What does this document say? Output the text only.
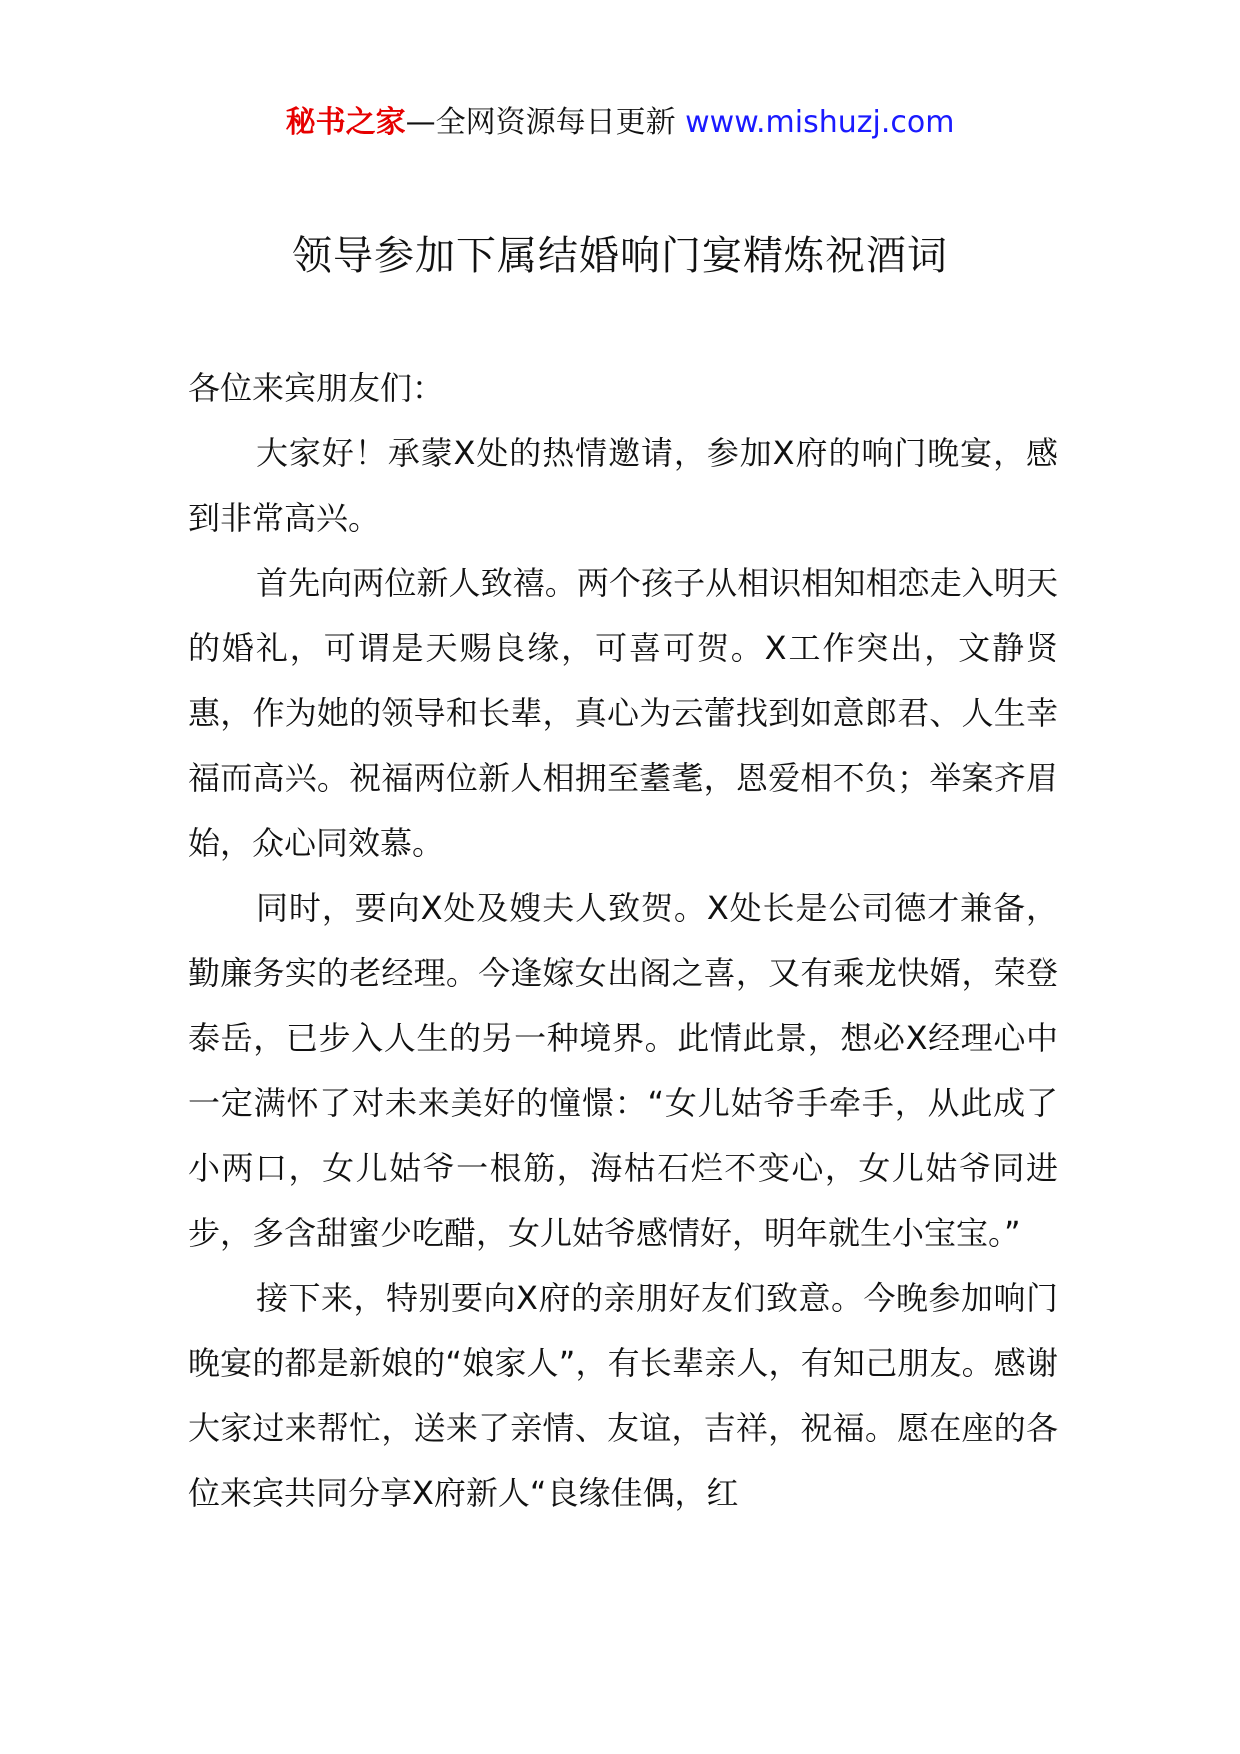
秘书之家—全网资源每日更新 www.mishuzj.com
领导参加下属结婚响门宴精炼祝酒词

各位来宾朋友们：

大家好！承蒙X处的热情邀请，参加X府的响门晚宴，感到非常高兴。

首先向两位新人致禧。两个孩子从相识相知相恋走入明天的婚礼，可谓是天赐良缘，可喜可贺。X工作突出，文静贤惠，作为她的领导和长辈，真心为云蕾找到如意郎君、人生幸福而高兴。祝福两位新人相拥至耋耄，恩爱相不负；举案齐眉始，众心同效慕。

同时，要向X处及嫂夫人致贺。X处长是公司德才兼备，勤廉务实的老经理。今逢嫁女出阁之喜，又有乘龙快婿，荣登泰岳，已步入人生的另一种境界。此情此景，想必X经理心中一定满怀了对未来美好的憧憬：“女儿姑爷手牵手，从此成了小两口，女儿姑爷一根筋，海枯石烂不变心，女儿姑爷同进步，多含甜蜜少吃醋，女儿姑爷感情好，明年就生小宝宝。”

接下来，特别要向X府的亲朋好友们致意。今晚参加响门晚宴的都是新娘的“娘家人”，有长辈亲人，有知己朋友。感谢大家过来帮忙，送来了亲情、友谊，吉祥，祝福。愿在座的各位来宾共同分享X府新人“良缘佳偶，红
